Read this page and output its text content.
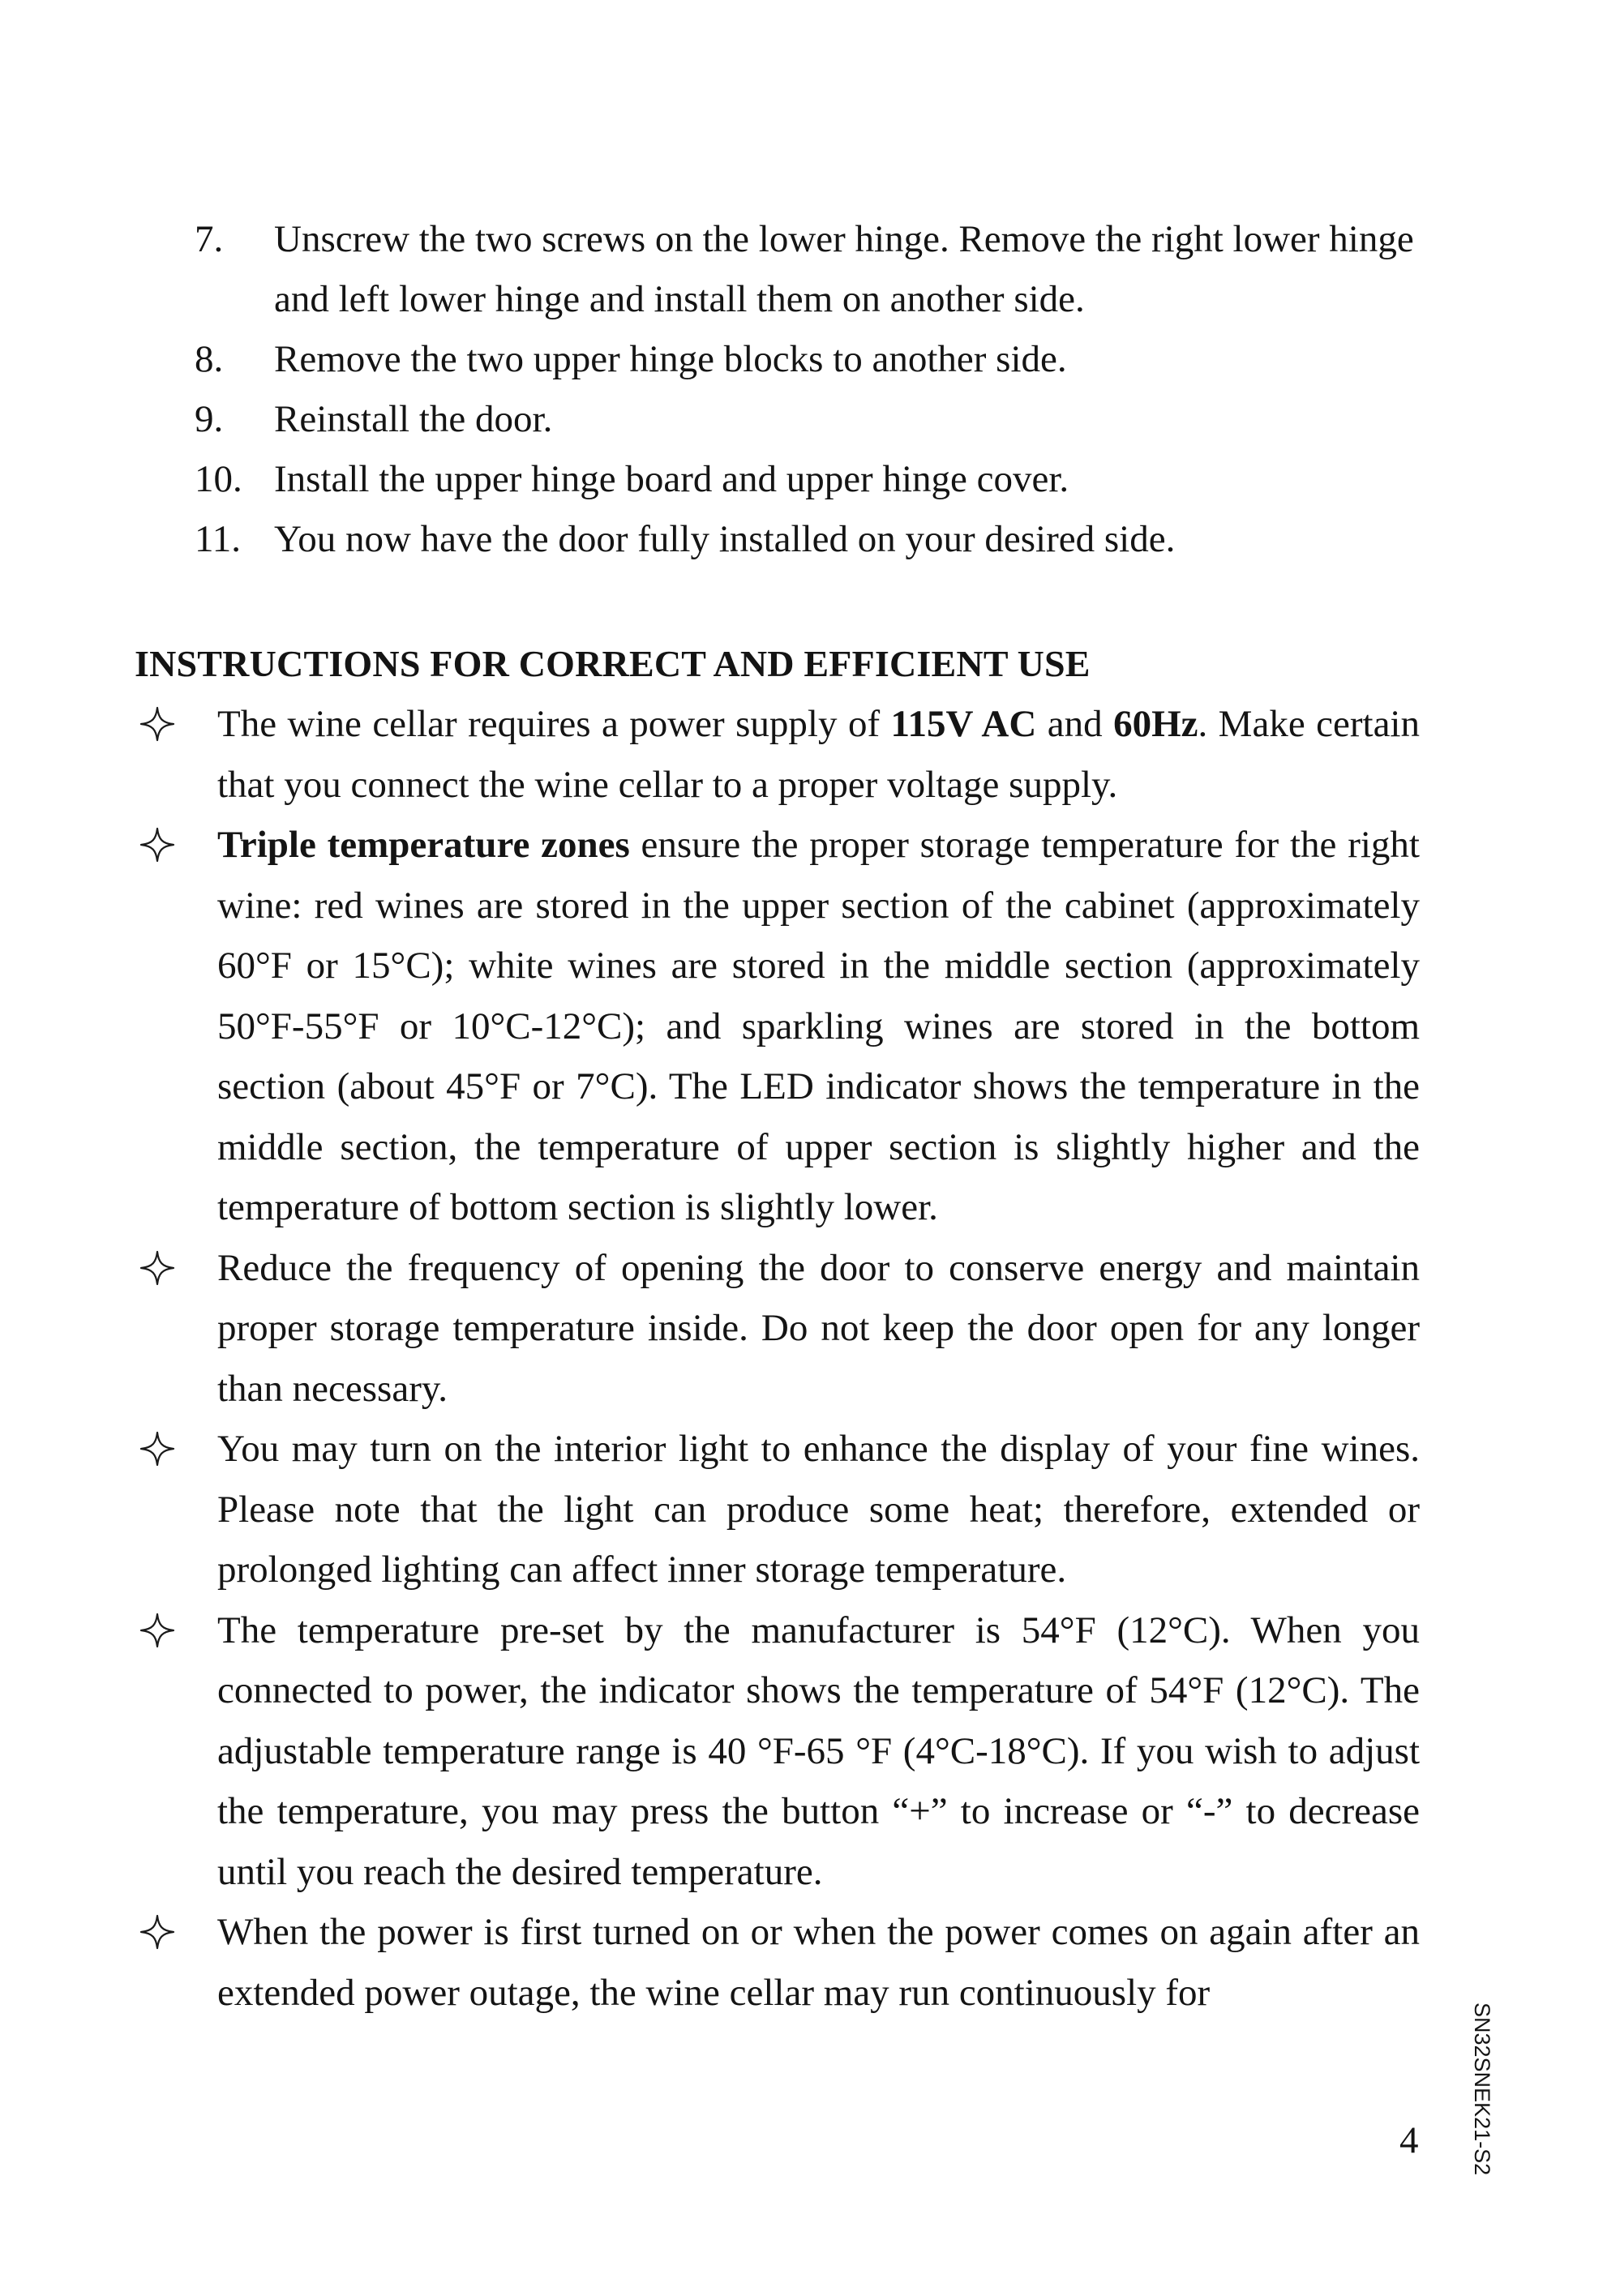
7. Unscrew the two screws on the lower hinge. Remove the right lower hinge and left lower hinge and install them on another side.
8. Remove the two upper hinge blocks to another side.
9. Reinstall the door.
10. Install the upper hinge board and upper hinge cover.
11. You now have the door fully installed on your desired side.
INSTRUCTIONS FOR CORRECT AND EFFICIENT USE
The wine cellar requires a power supply of 115V AC and 60Hz. Make certain that you connect the wine cellar to a proper voltage supply.
Triple temperature zones ensure the proper storage temperature for the right wine: red wines are stored in the upper section of the cabinet (approximately 60°F or 15°C); white wines are stored in the middle section (approximately 50°F-55°F or 10°C-12°C); and sparkling wines are stored in the bottom section (about 45°F or 7°C). The LED indicator shows the temperature in the middle section, the temperature of upper section is slightly higher and the temperature of bottom section is slightly lower.
Reduce the frequency of opening the door to conserve energy and maintain proper storage temperature inside. Do not keep the door open for any longer than necessary.
You may turn on the interior light to enhance the display of your fine wines. Please note that the light can produce some heat; therefore, extended or prolonged lighting can affect inner storage temperature.
The temperature pre-set by the manufacturer is 54°F (12°C). When you connected to power, the indicator shows the temperature of 54°F (12°C). The adjustable temperature range is 40 °F-65 °F (4°C-18°C). If you wish to adjust the temperature, you may press the button “+” to increase or “-” to decrease until you reach the desired temperature.
When the power is first turned on or when the power comes on again after an extended power outage, the wine cellar may run continuously for
4 SN32SNEK21-S2
